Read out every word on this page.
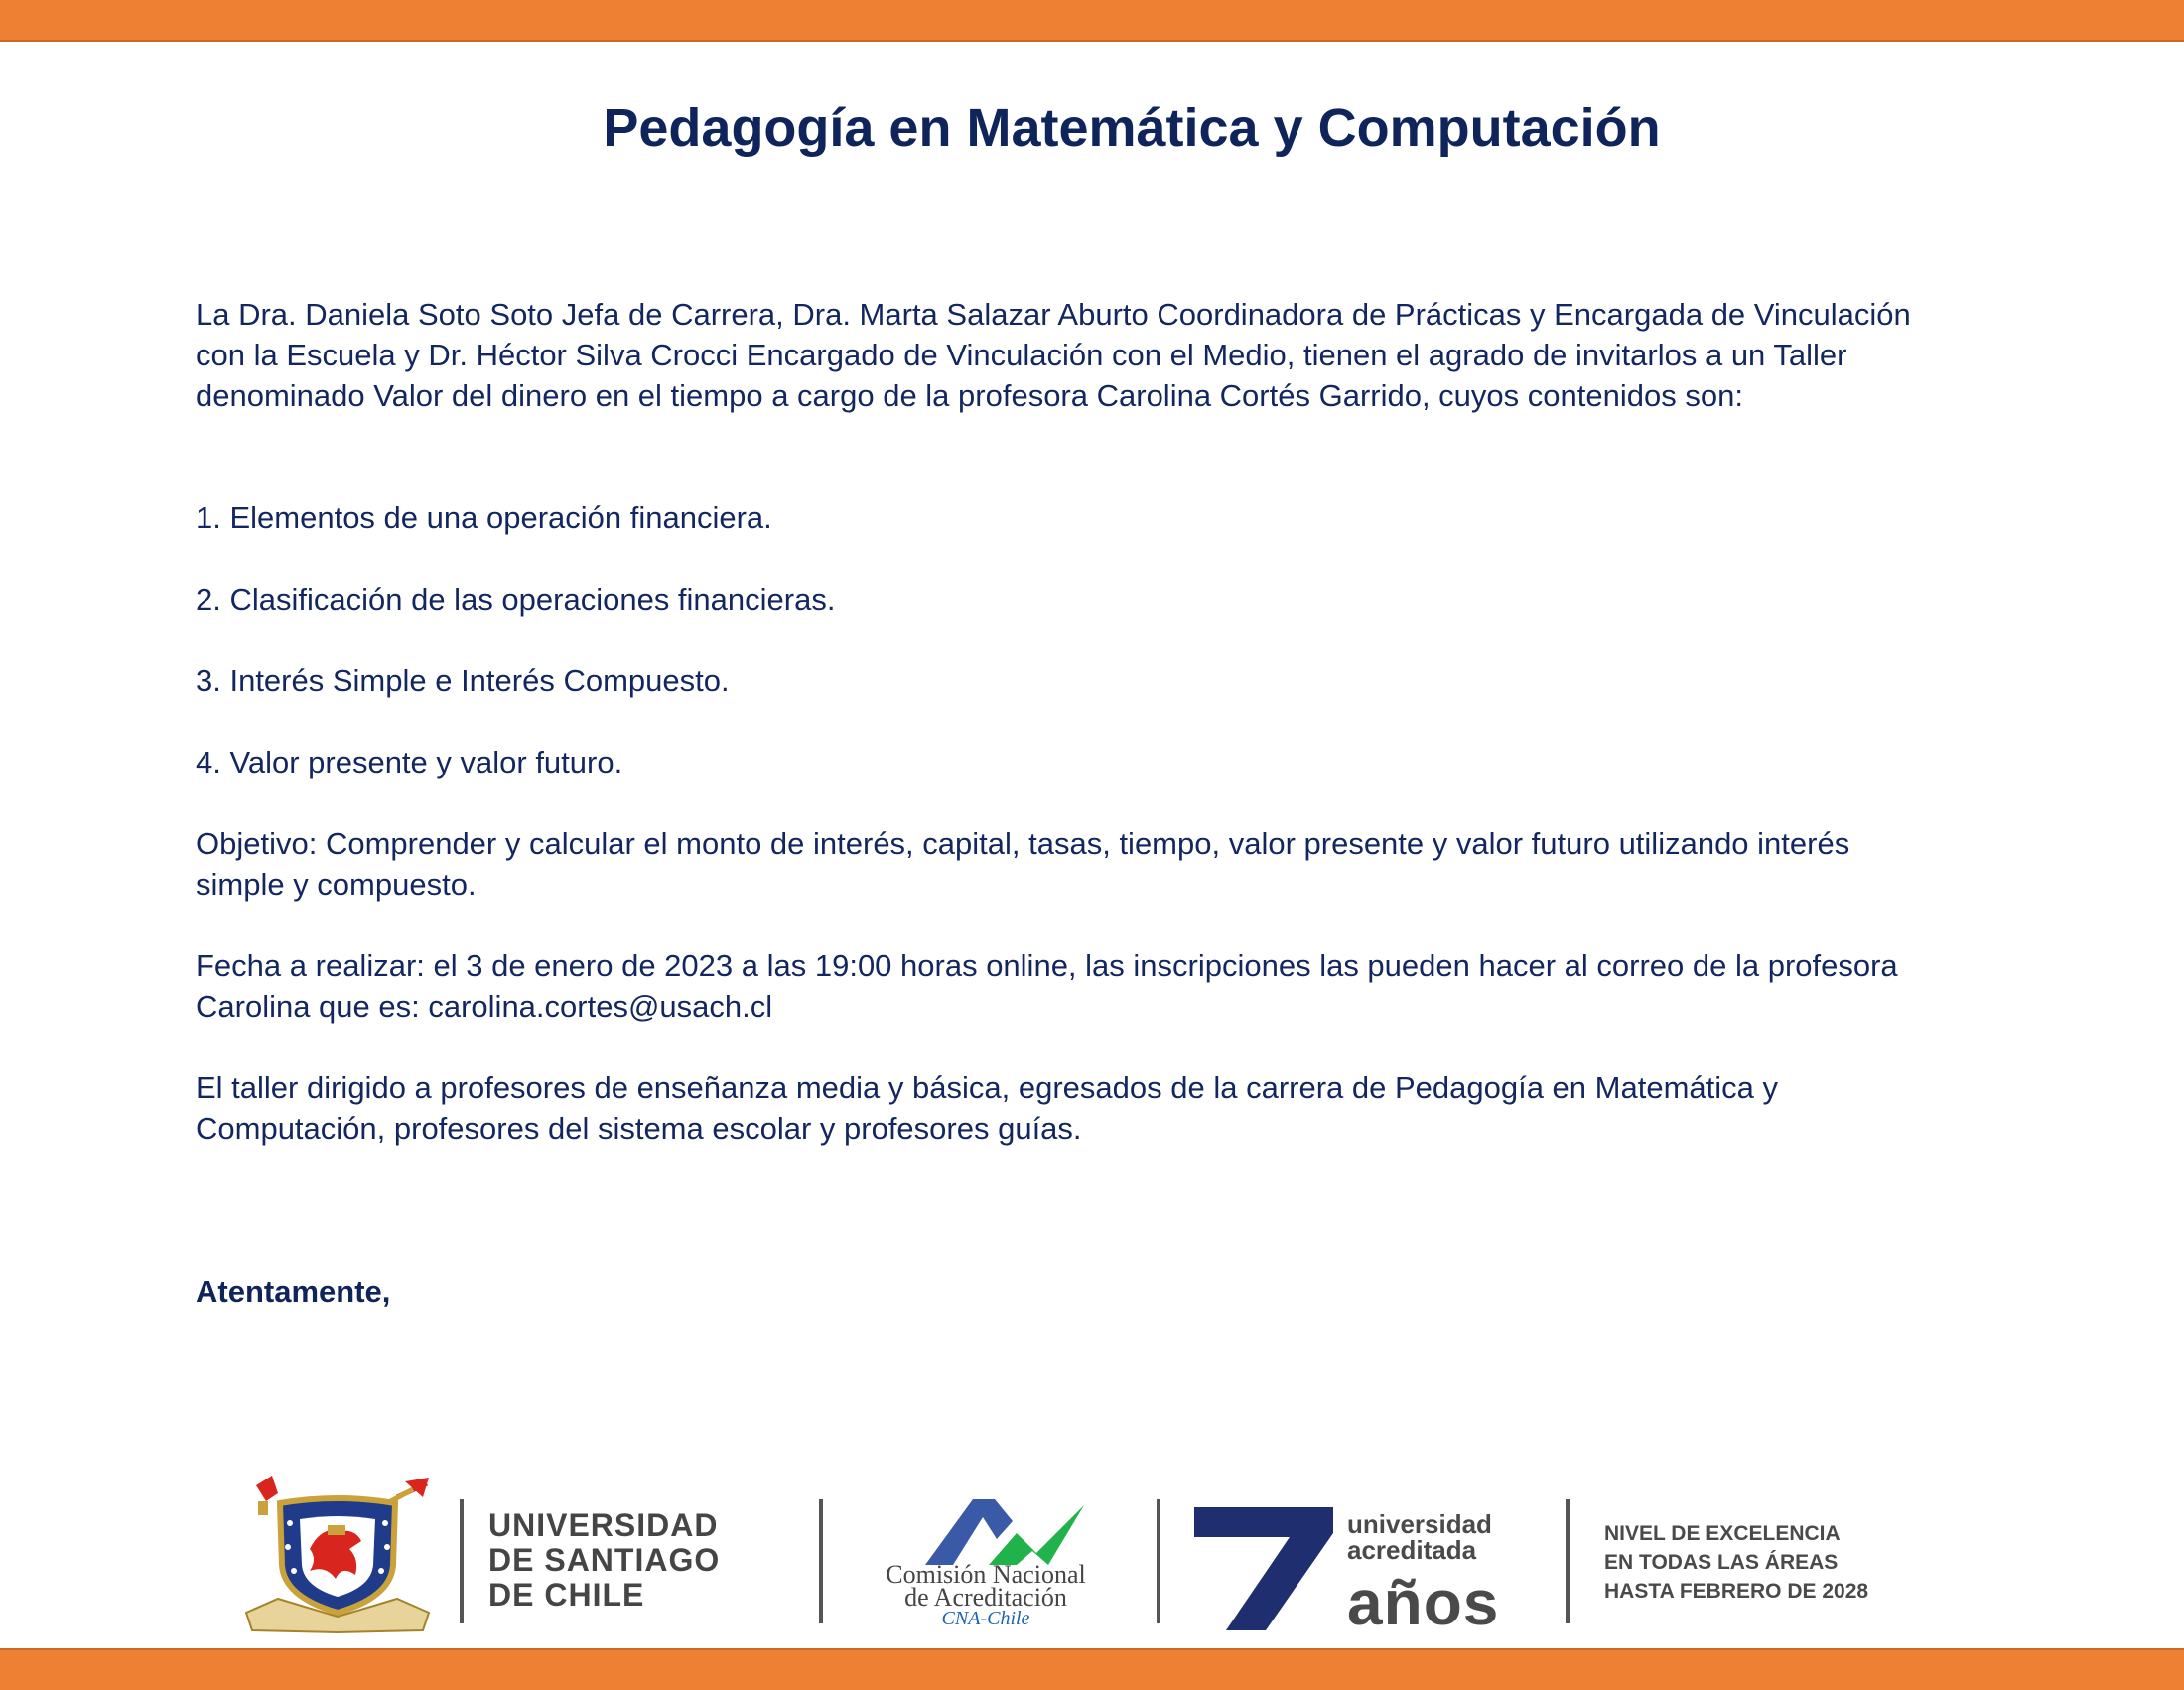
Pedagogía en Matemática y Computación

La Dra. Daniela Soto Soto Jefa de Carrera, Dra. Marta Salazar Aburto Coordinadora de Prácticas y Encargada de Vinculación

con la Escuela y Dr. Héctor Silva Crocci Encargado de Vinculación con el Medio, tienen el agrado de invitarlos a un Taller

denominado Valor del dinero en el tiempo a cargo de la profesora Carolina Cortés Garrido, cuyos contenidos son:

1. Elementos de una operación financiera.

2. Clasificación de las operaciones financieras.

3. Interés Simple e Interés Compuesto.

4. Valor presente y valor futuro.

Objetivo: Comprender y calcular el monto de interés, capital, tasas, tiempo, valor presente y valor futuro utilizando interés

simple y compuesto.

Fecha a realizar: el 3 de enero de 2023 a las 19:00 horas online, las inscripciones las pueden hacer al correo de la profesora

Carolina que es: carolina.cortes@usach.cl

El taller dirigido a profesores de enseñanza media y básica, egresados de la carrera de Pedagogía en Matemática y

Computación, profesores del sistema escolar y profesores guías.

Atentamente,

UNIVERSIDAD
DE SANTIAGO
DE CHILE
Comisión Nacional
de Acreditación
CNA-Chile
7
universidad
acreditada
años
NIVEL DE EXCELENCIA
EN TODAS LAS ÁREAS
HASTA FEBRERO DE 2028
